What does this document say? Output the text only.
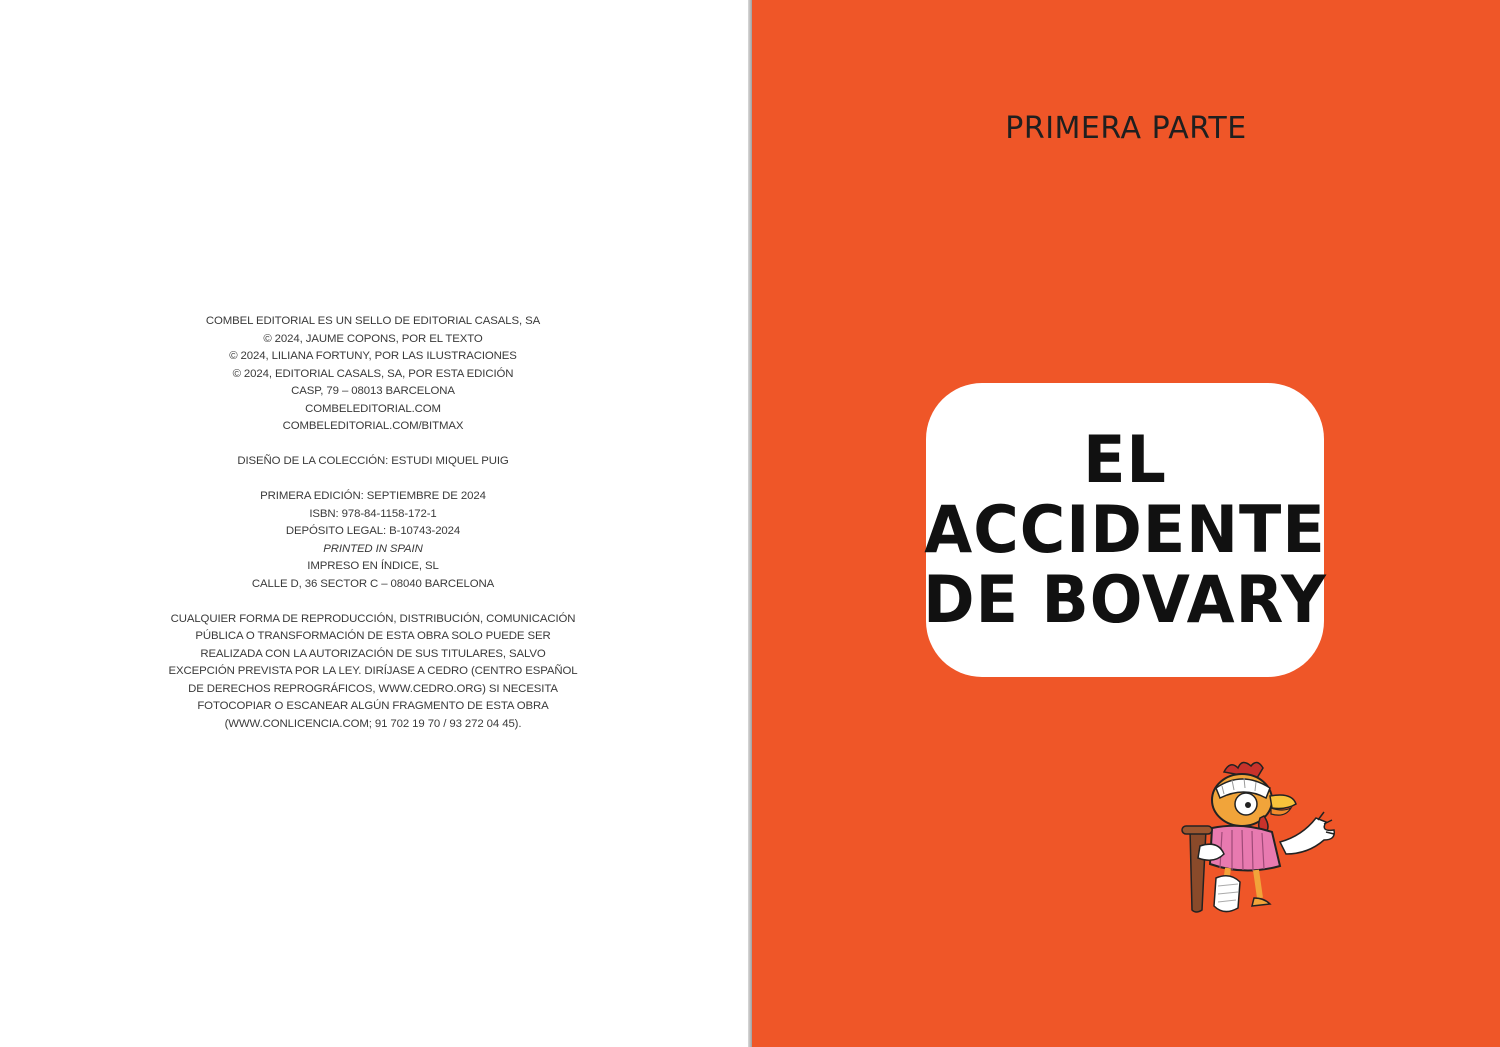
COMBEL EDITORIAL ES UN SELLO DE EDITORIAL CASALS, SA
© 2024, JAUME COPONS, POR EL TEXTO
© 2024, LILIANA FORTUNY, POR LAS ILUSTRACIONES
© 2024, EDITORIAL CASALS, SA, POR ESTA EDICIÓN
CASP, 79 – 08013 BARCELONA
COMBELEDITORIAL.COM
COMBELEDITORIAL.COM/BITMAX
DISEÑO DE LA COLECCIÓN: ESTUDI MIQUEL PUIG
PRIMERA EDICIÓN: SEPTIEMBRE DE 2024
ISBN: 978-84-1158-172-1
DEPÓSITO LEGAL: B-10743-2024
PRINTED IN SPAIN
IMPRESO EN ÍNDICE, SL
CALLE D, 36 SECTOR C – 08040 BARCELONA
CUALQUIER FORMA DE REPRODUCCIÓN, DISTRIBUCIÓN, COMUNICACIÓN
PÚBLICA O TRANSFORMACIÓN DE ESTA OBRA SOLO PUEDE SER
REALIZADA CON LA AUTORIZACIÓN DE SUS TITULARES, SALVO
EXCEPCIÓN PREVISTA POR LA LEY. DIRÍJASE A CEDRO (CENTRO ESPAÑOL
DE DERECHOS REPROGRÁFICOS, WWW.CEDRO.ORG) SI NECESITA
FOTOCOPIAR O ESCANEAR ALGÚN FRAGMENTO DE ESTA OBRA
(WWW.CONLICENCIA.COM; 91 702 19 70 / 93 272 04 45).
PRIMERA PARTE
EL
ACCIDENTE
DE BOVARY
